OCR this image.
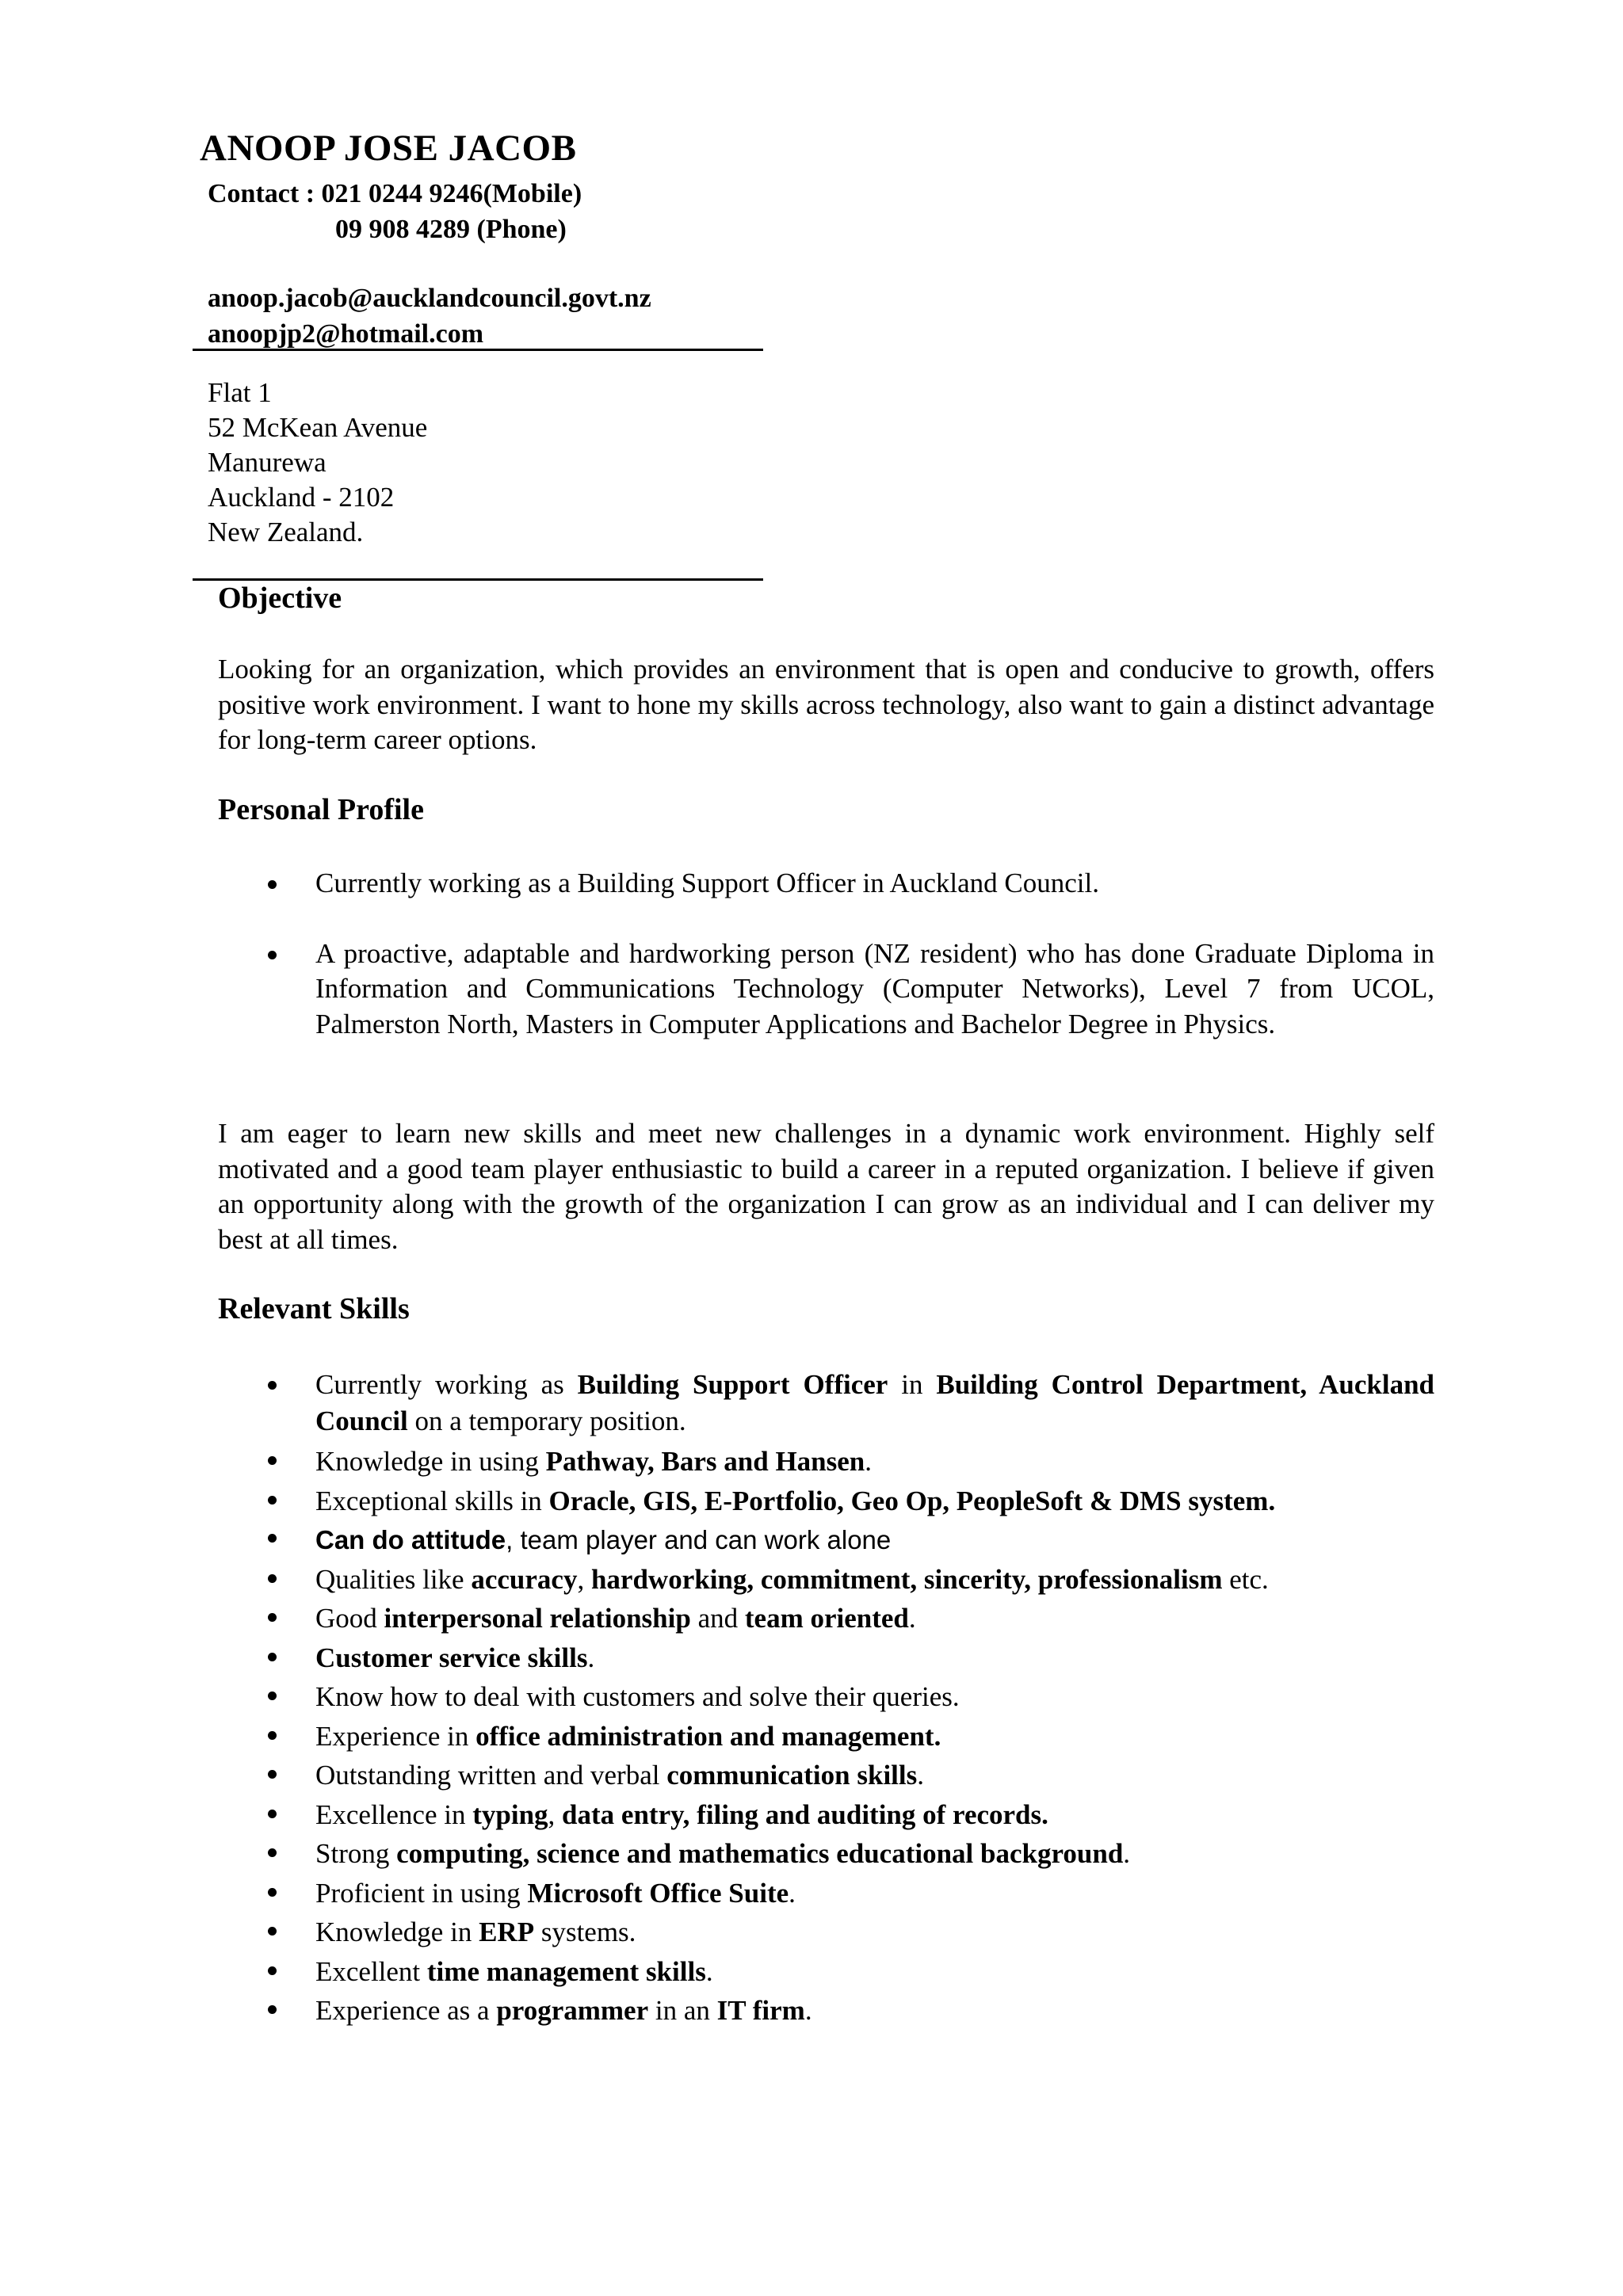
ANOOP JOSE JACOB
Contact : 021 0244 9246(Mobile)
09 908 4289 (Phone)
anoop.jacob@aucklandcouncil.govt.nz
anoopjp2@hotmail.com
Flat 1
52 McKean Avenue
Manurewa
Auckland - 2102
New Zealand.
Objective
Looking for an organization, which provides an environment that is open and conducive to growth, offers positive work environment. I want to hone my skills across technology, also want to gain a distinct advantage for long-term career options.
Personal Profile
Currently working as a Building Support Officer in Auckland Council.
A proactive, adaptable and hardworking person (NZ resident) who has done Graduate Diploma in Information and Communications Technology (Computer Networks), Level 7 from UCOL, Palmerston North, Masters in Computer Applications and Bachelor Degree in Physics.
I am eager to learn new skills and meet new challenges in a dynamic work environment. Highly self motivated and a good team player enthusiastic to build a career in a reputed organization. I believe if given an opportunity along with the growth of the organization I can grow as an individual and I can deliver my best at all times.
Relevant Skills
Currently working as Building Support Officer in Building Control Department, Auckland Council on a temporary position.
Knowledge in using Pathway, Bars and Hansen.
Exceptional skills in Oracle, GIS, E-Portfolio, Geo Op, PeopleSoft & DMS system.
Can do attitude, team player and can work alone
Qualities like accuracy, hardworking, commitment, sincerity, professionalism etc.
Good interpersonal relationship and team oriented.
Customer service skills.
Know how to deal with customers and solve their queries.
Experience in office administration and management.
Outstanding written and verbal communication skills.
Excellence in typing, data entry, filing and auditing of records.
Strong computing, science and mathematics educational background.
Proficient in using Microsoft Office Suite.
Knowledge in ERP systems.
Excellent time management skills.
Experience as a programmer in an IT firm.
